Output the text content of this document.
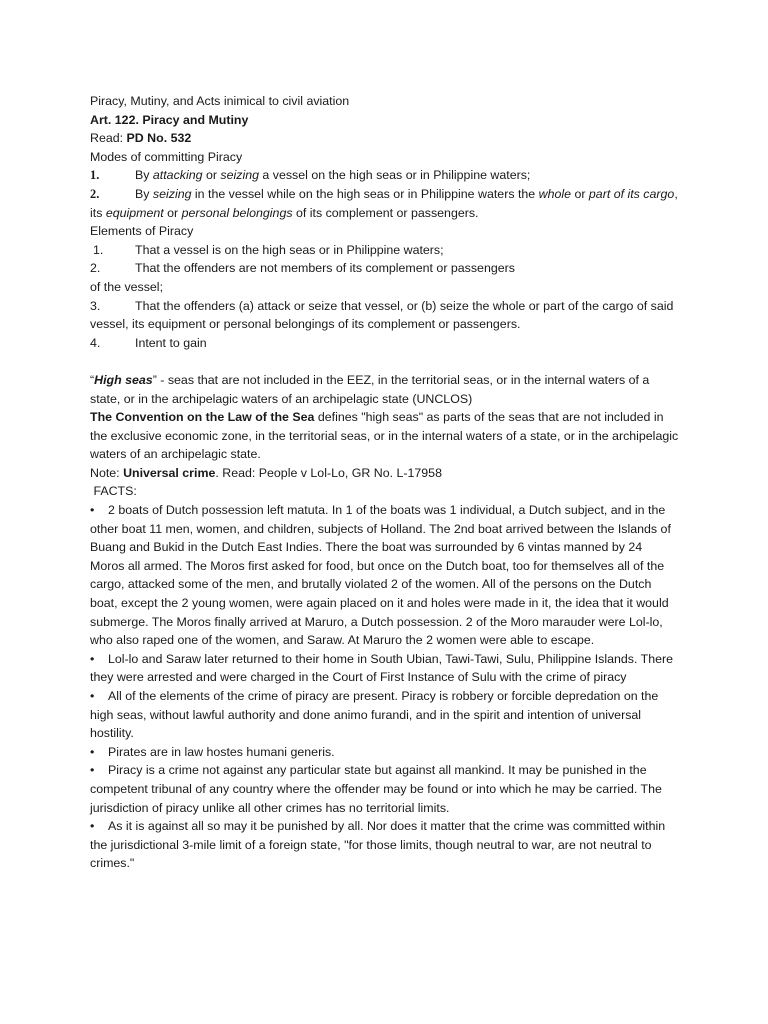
Piracy, Mutiny, and Acts inimical to civil aviation
Art. 122. Piracy and Mutiny
Read: PD No. 532
Modes of committing Piracy
1.	By attacking or seizing a vessel on the high seas or in Philippine waters;
2.	By seizing in the vessel while on the high seas or in Philippine waters the whole or part of its cargo, its equipment or personal belongings of its complement or passengers.
Elements of Piracy
1.	That a vessel is on the high seas or in Philippine waters;
2.	That the offenders are not members of its complement or passengers
of the vessel;
3.	That the offenders (a) attack or seize that vessel, or (b) seize the whole or part of the cargo of said vessel, its equipment or personal belongings of its complement or passengers.
4.	Intent to gain
“High seas” - seas that are not included in the EEZ, in the territorial seas, or in the internal waters of a state, or in the archipelagic waters of an archipelagic state (UNCLOS)
The Convention on the Law of the Sea defines "high seas" as parts of the seas that are not included in the exclusive economic zone, in the territorial seas, or in the internal waters of a state, or in the archipelagic waters of an archipelagic state.
Note: Universal crime. Read: People v Lol-Lo, GR No. L-17958
FACTS:
• 2 boats of Dutch possession left matuta. In 1 of the boats was 1 individual, a Dutch subject, and in the other boat 11 men, women, and children, subjects of Holland. The 2nd boat arrived between the Islands of Buang and Bukid in the Dutch East Indies. There the boat was surrounded by 6 vintas manned by 24 Moros all armed. The Moros first asked for food, but once on the Dutch boat, too for themselves all of the cargo, attacked some of the men, and brutally violated 2 of the women. All of the persons on the Dutch boat, except the 2 young women, were again placed on it and holes were made in it, the idea that it would submerge. The Moros finally arrived at Maruro, a Dutch possession. 2 of the Moro marauder were Lol-lo, who also raped one of the women, and Saraw. At Maruro the 2 women were able to escape.
• Lol-lo and Saraw later returned to their home in South Ubian, Tawi-Tawi, Sulu, Philippine Islands. There they were arrested and were charged in the Court of First Instance of Sulu with the crime of piracy
• All of the elements of the crime of piracy are present. Piracy is robbery or forcible depredation on the high seas, without lawful authority and done animo furandi, and in the spirit and intention of universal hostility.
• Pirates are in law hostes humani generis.
• Piracy is a crime not against any particular state but against all mankind. It may be punished in the competent tribunal of any country where the offender may be found or into which he may be carried. The jurisdiction of piracy unlike all other crimes has no territorial limits.
• As it is against all so may it be punished by all. Nor does it matter that the crime was committed within the jurisdictional 3-mile limit of a foreign state, "for those limits, though neutral to war, are not neutral to crimes."
